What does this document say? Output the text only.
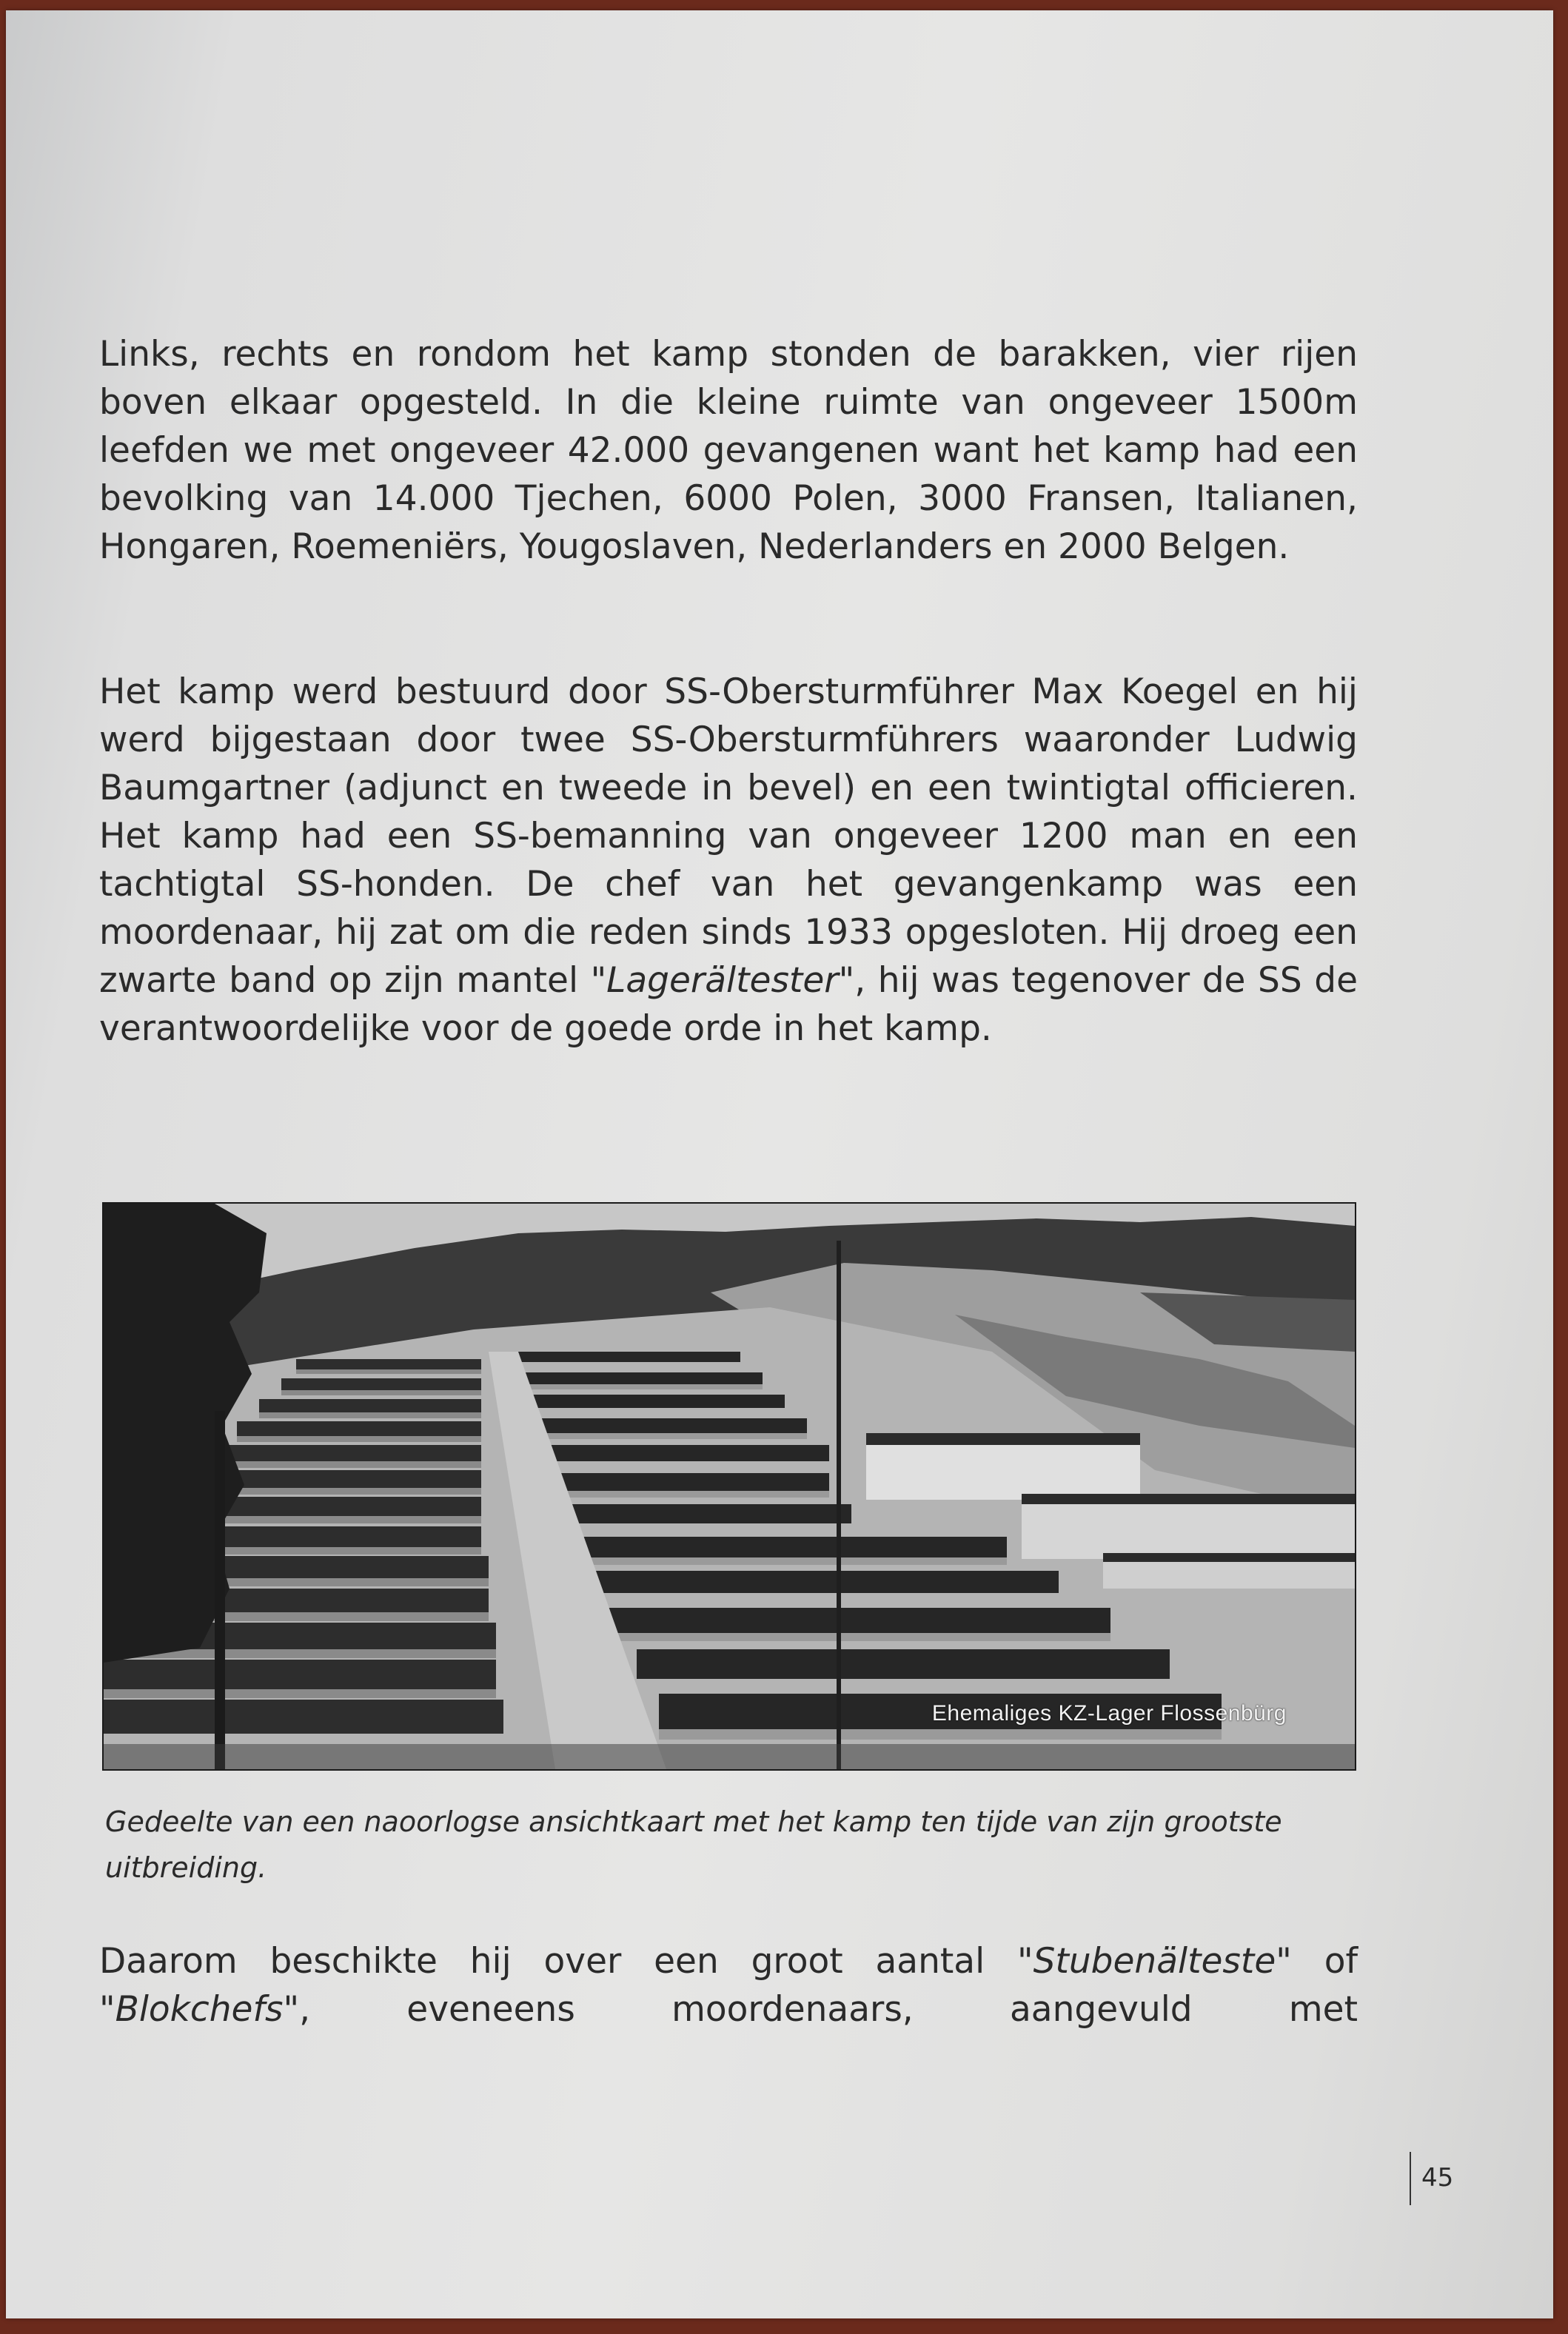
Links, rechts en rondom het kamp stonden de barakken, vier rijen boven elkaar opgesteld. In die kleine ruimte van ongeveer 1500m leefden we met ongeveer 42.000 gevangenen want het kamp had een bevolking van 14.000 Tjechen, 6000 Polen, 3000 Fransen, Italianen, Hongaren, Roemeniërs, Yougoslaven, Nederlanders en 2000 Belgen.

Het kamp werd bestuurd door SS-Obersturmführer Max Koegel en hij werd bijgestaan door twee SS-Obersturmführers waaronder Ludwig Baumgartner (adjunct en tweede in bevel) en een twintigtal officieren. Het kamp had een SS-bemanning van ongeveer 1200 man en een tachtigtal SS-honden. De chef van het gevangenkamp was een moordenaar, hij zat om die reden sinds 1933 opgesloten. Hij droeg een zwarte band op zijn mantel "Lagerältester", hij was tegenover de SS de verantwoordelijke voor de goede orde in het kamp.

Ehemaliges KZ-Lager Flossenbürg

Gedeelte van een naoorlogse ansichtkaart met het kamp ten tijde van zijn grootste uitbreiding.

Daarom beschikte hij over een groot aantal "Stubenälteste" of "Blokchefs", eveneens moordenaars, aangevuld met

45
